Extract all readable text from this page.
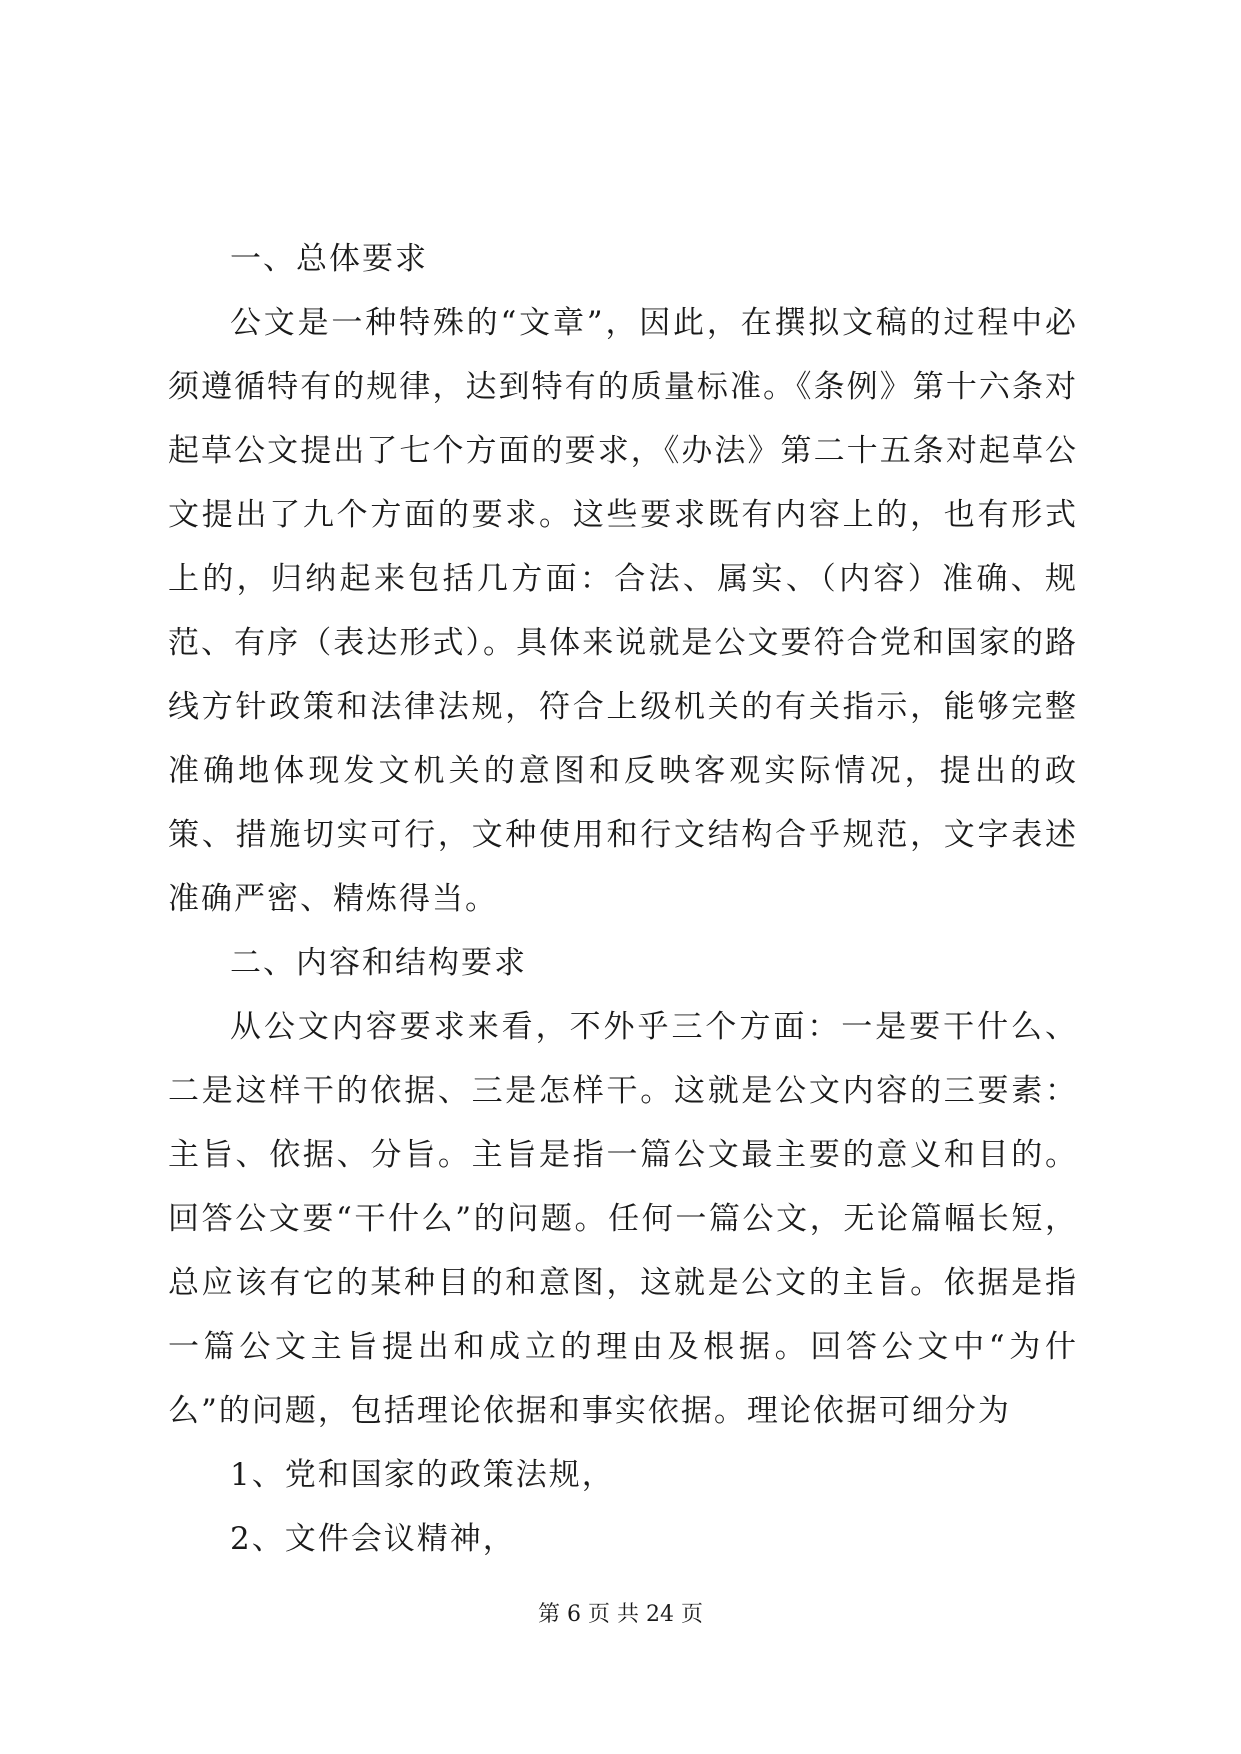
一、总体要求

公文是一种特殊的“文章”，因此，在撰拟文稿的过程中必须遵循特有的规律，达到特有的质量标准。《条例》第十六条对起草公文提出了七个方面的要求，《办法》第二十五条对起草公文提出了九个方面的要求。这些要求既有内容上的，也有形式上的，归纳起来包括几方面：合法、属实、（内容）准确、规范、有序（表达形式）。具体来说就是公文要符合党和国家的路线方针政策和法律法规，符合上级机关的有关指示，能够完整准确地体现发文机关的意图和反映客观实际情况，提出的政策、措施切实可行，文种使用和行文结构合乎规范，文字表述准确严密、精炼得当。

二、内容和结构要求

从公文内容要求来看，不外乎三个方面：一是要干什么、二是这样干的依据、三是怎样干。这就是公文内容的三要素：主旨、依据、分旨。主旨是指一篇公文最主要的意义和目的。回答公文要“干什么”的问题。任何一篇公文，无论篇幅长短，总应该有它的某种目的和意图，这就是公文的主旨。依据是指一篇公文主旨提出和成立的理由及根据。回答公文中“为什么”的问题，包括理论依据和事实依据。理论依据可细分为

1、党和国家的政策法规，

2、文件会议精神，

第 6 页 共 24 页
